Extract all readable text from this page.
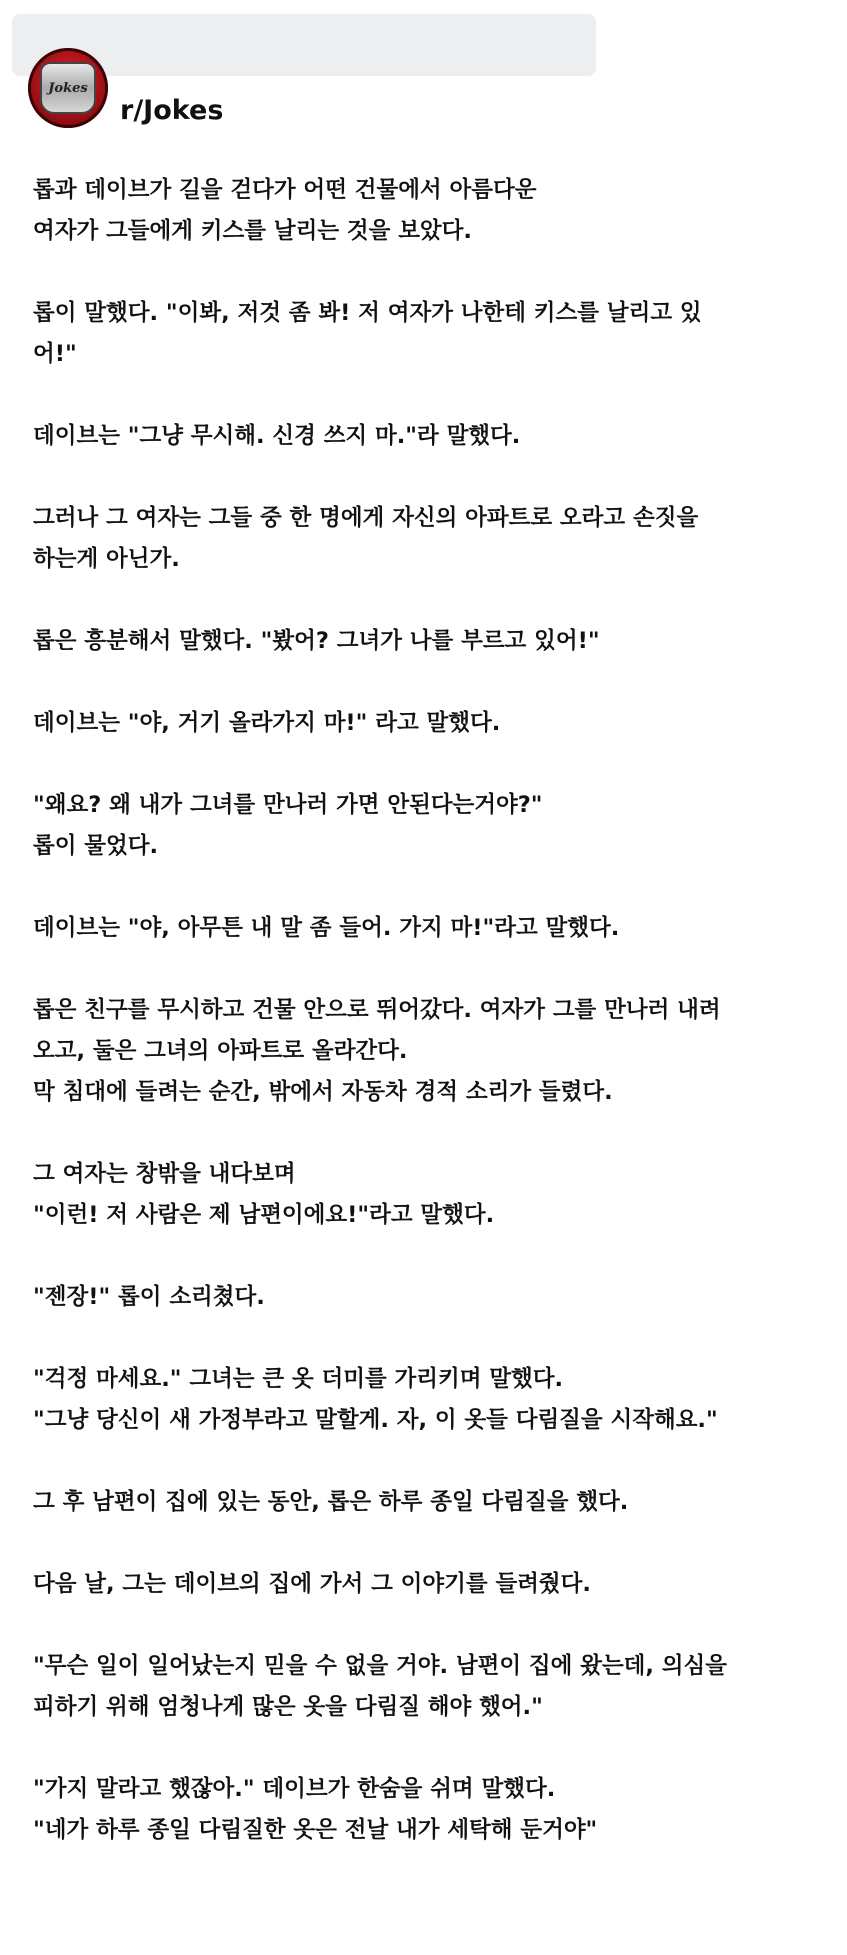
Jokes
r/Jokes

롭과 데이브가 길을 걷다가 어떤 건물에서 아름다운
여자가 그들에게 키스를 날리는 것을 보았다.

롭이 말했다. "이봐, 저것 좀 봐! 저 여자가 나한테 키스를 날리고 있
어!"

데이브는 "그냥 무시해. 신경 쓰지 마."라 말했다.

그러나 그 여자는 그들 중 한 명에게 자신의 아파트로 오라고 손짓을
하는게 아닌가.

롭은 흥분해서 말했다. "봤어? 그녀가 나를 부르고 있어!"

데이브는 "야, 거기 올라가지 마!" 라고 말했다.

"왜요? 왜 내가 그녀를 만나러 가면 안된다는거야?"
롭이 물었다.

데이브는 "야, 아무튼 내 말 좀 들어. 가지 마!"라고 말했다.

롭은 친구를 무시하고 건물 안으로 뛰어갔다. 여자가 그를 만나러 내려
오고, 둘은 그녀의 아파트로 올라간다.
막 침대에 들려는 순간, 밖에서 자동차 경적 소리가 들렸다.

그 여자는 창밖을 내다보며
"이런! 저 사람은 제 남편이에요!"라고 말했다.

"젠장!" 롭이 소리쳤다.

"걱정 마세요." 그녀는 큰 옷 더미를 가리키며 말했다.
"그냥 당신이 새 가정부라고 말할게. 자, 이 옷들 다림질을 시작해요."

그 후 남편이 집에 있는 동안, 롭은 하루 종일 다림질을 했다.

다음 날, 그는 데이브의 집에 가서 그 이야기를 들려줬다.

"무슨 일이 일어났는지 믿을 수 없을 거야. 남편이 집에 왔는데, 의심을
피하기 위해 엄청나게 많은 옷을 다림질 해야 했어."

"가지 말라고 했잖아." 데이브가 한숨을 쉬며 말했다.
"네가 하루 종일 다림질한 옷은 전날 내가 세탁해 둔거야"
